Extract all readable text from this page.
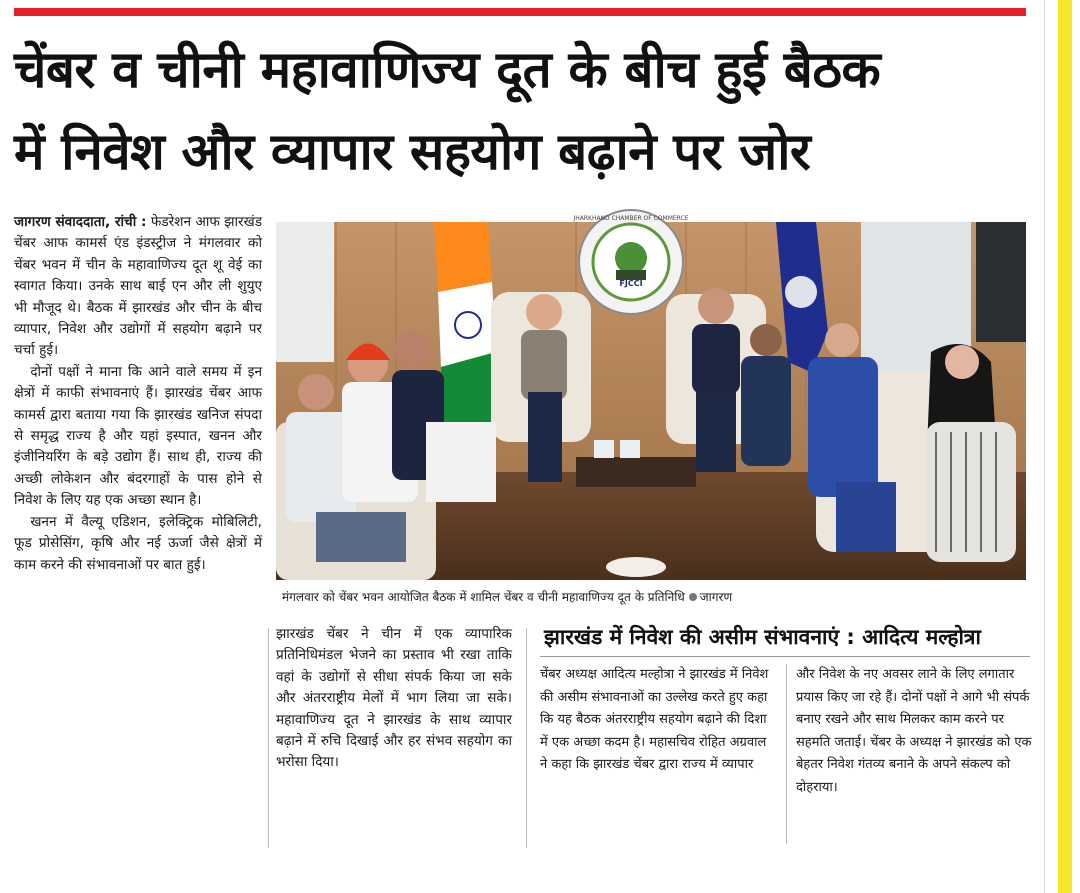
चेंबर व चीनी महावाणिज्य दूत के बीच हुई बैठक
में निवेश और व्यापार सहयोग बढ़ाने पर जोर

जागरण संवाददाता, रांची : फेडरेशन आफ झारखंड चेंबर आफ कामर्स एंड इंडस्ट्रीज ने मंगलवार को चेंबर भवन में चीन के महावाणिज्य दूत शू वेई का स्वागत किया। उनके साथ बाई एन और ली शुयुए भी मौजूद थे। बैठक में झारखंड और चीन के बीच व्यापार, निवेश और उद्योगों में सहयोग बढ़ाने पर चर्चा हुई।

दोनों पक्षों ने माना कि आने वाले समय में इन क्षेत्रों में काफी संभावनाएं हैं। झारखंड चेंबर आफ कामर्स द्वारा बताया गया कि झारखंड खनिज संपदा से समृद्ध राज्य है और यहां इस्पात, खनन और इंजीनियरिंग के बड़े उद्योग हैं। साथ ही, राज्य की अच्छी लोकेशन और बंदरगाहों के पास होने से निवेश के लिए यह एक अच्छा स्थान है।

खनन में वैल्यू एडिशन, इलेक्ट्रिक मोबिलिटी, फूड प्रोसेसिंग, कृषि और नई ऊर्जा जैसे क्षेत्रों में काम करने की संभावनाओं पर बात हुई।

FJCCI
JHARKHAND CHAMBER OF COMMERCE

मंगलवार को चेंबर भवन आयोजित बैठक में शामिल चेंबर व चीनी महावाणिज्य दूत के प्रतिनिधि जागरण

झारखंड चेंबर ने चीन में एक व्यापारिक प्रतिनिधिमंडल भेजने का प्रस्ताव भी रखा ताकि वहां के उद्योगों से सीधा संपर्क किया जा सके और अंतरराष्ट्रीय मेलों में भाग लिया जा सके। महावाणिज्य दूत ने झारखंड के साथ व्यापार बढ़ाने में रुचि दिखाई और हर संभव सहयोग का भरोसा दिया।

झारखंड में निवेश की असीम संभावनाएं : आदित्य मल्होत्रा

चेंबर अध्यक्ष आदित्य मल्होत्रा ने झारखंड में निवेश की असीम संभावनाओं का उल्लेख करते हुए कहा कि यह बैठक अंतरराष्ट्रीय सहयोग बढ़ाने की दिशा में एक अच्छा कदम है। महासचिव रोहित अग्रवाल ने कहा कि झारखंड चेंबर द्वारा राज्य में व्यापार

और निवेश के नए अवसर लाने के लिए लगातार प्रयास किए जा रहे हैं। दोनों पक्षों ने आगे भी संपर्क बनाए रखने और साथ मिलकर काम करने पर सहमति जताई। चेंबर के अध्यक्ष ने झारखंड को एक बेहतर निवेश गंतव्य बनाने के अपने संकल्प को दोहराया।
